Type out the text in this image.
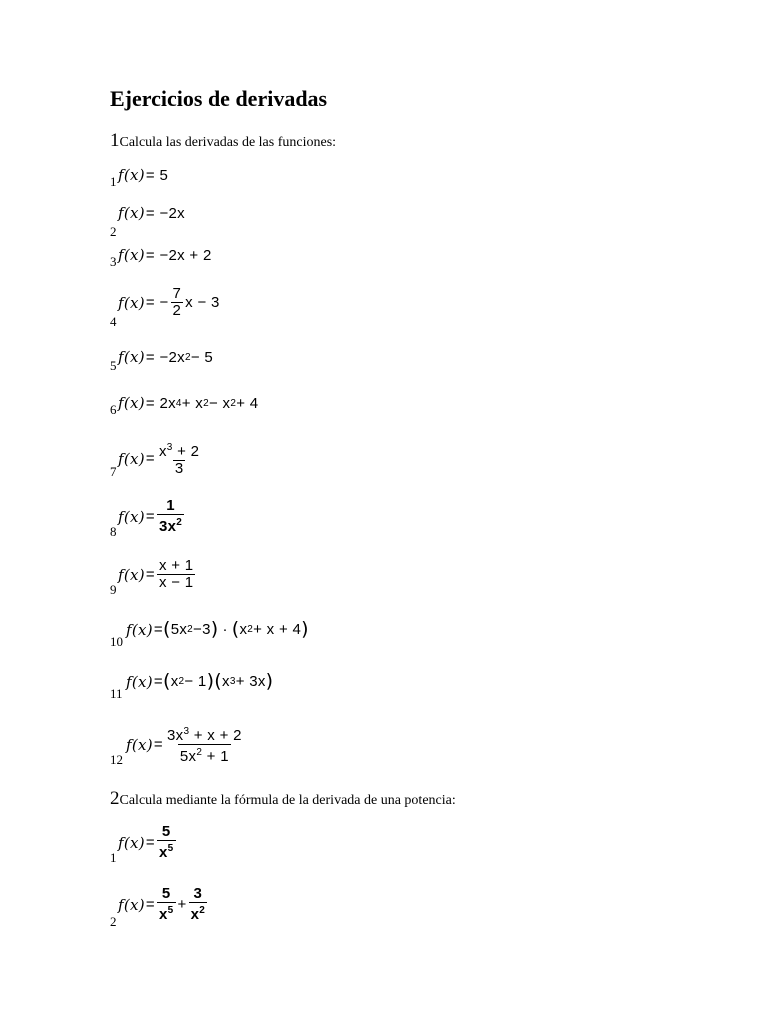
Ejercicios de derivadas

1Calcula las derivadas de las funciones:

1 f(x) = 5
2
f(x) = −2x
3 f(x) = −2x + 2
4
f(x) = − $\frac{7}{2}$ x − 3
5 f(x) = −2x 2 − 5
6 f(x) = 2x 4 + x 2 − x 2 + 4
7
$f(x) = \frac{x^3 + 2}{3}$
8
$f(x) = \frac{1}{3x^2}$
9
$f(x) = \frac{x + 1}{x - 1}$
10
f(x) = ( 5x 2 −3 ) · ( x 2 + x + 4 )
11
f(x) = ( x 2 − 1 ) ( x 3 + 3x )
12
$f(x) = \frac{3x^3 + x + 2}{5x^2 + 1}$

2Calcula mediante la fórmula de la derivada de una potencia:

1
$f(x) = \frac{5}{x^5}$
2
$f(x) = \frac{5}{x^5} + \frac{3}{x^2}$
